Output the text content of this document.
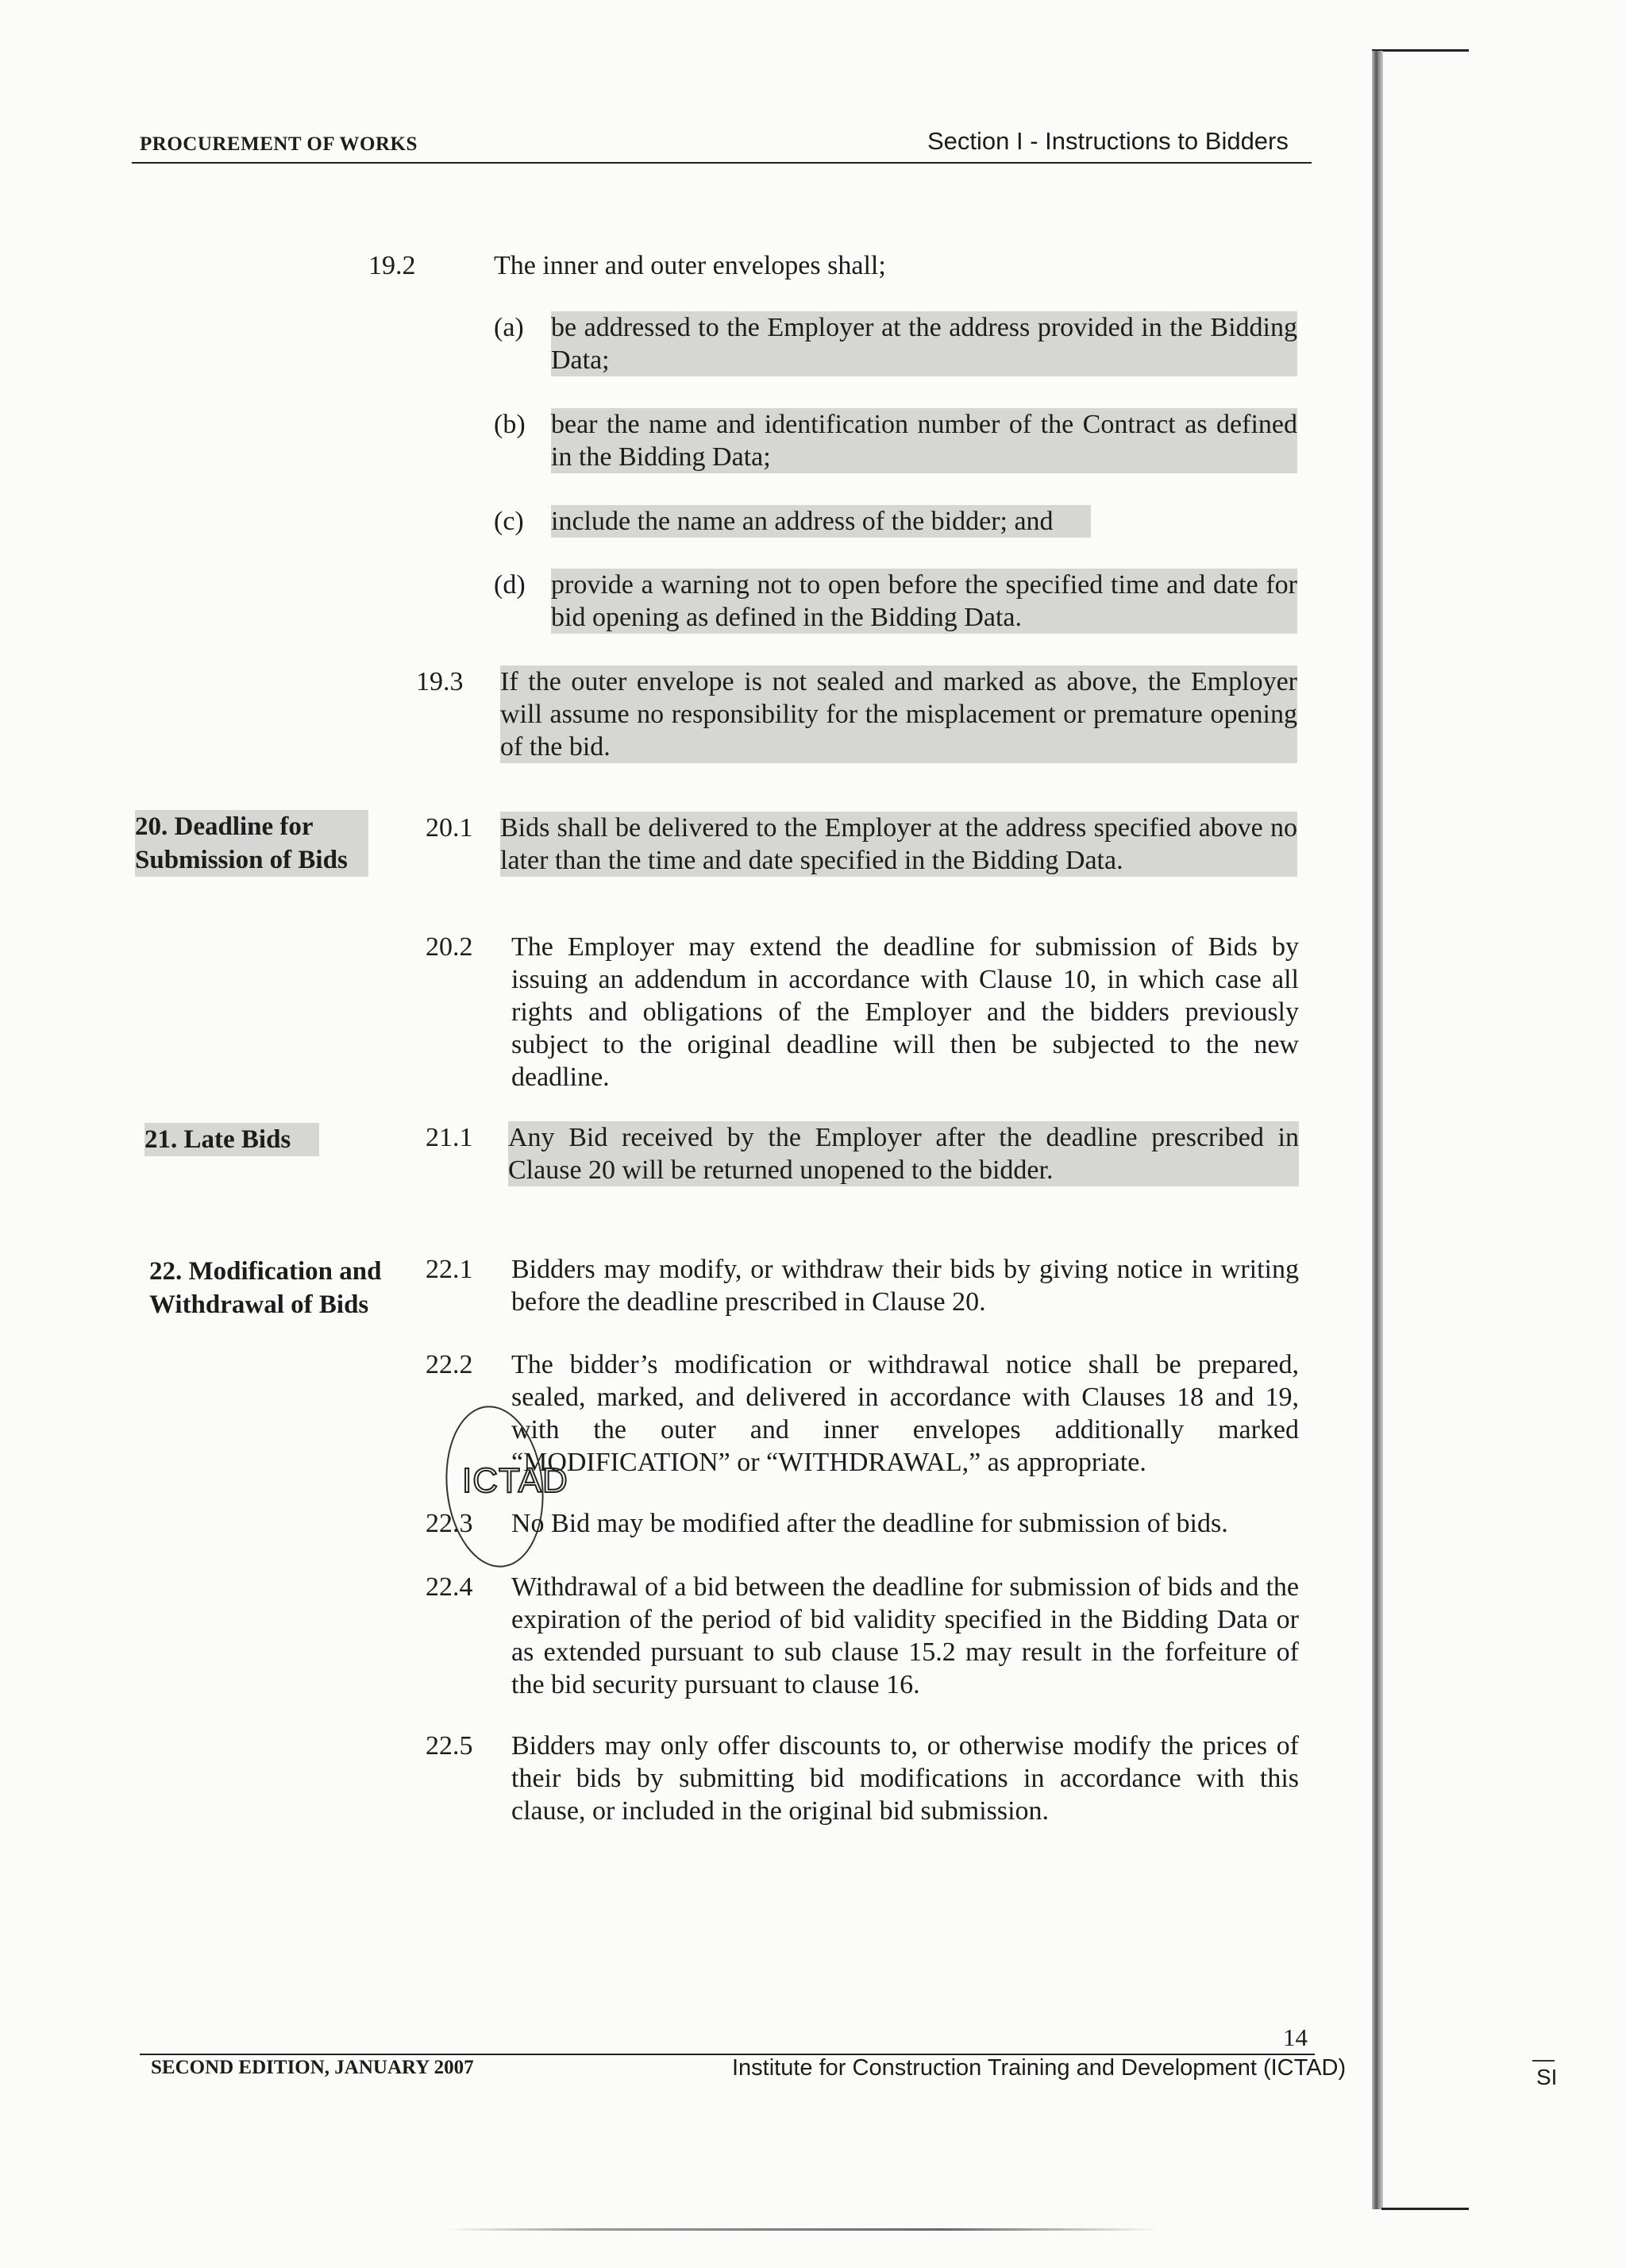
PROCUREMENT OF WORKS	Section I - Instructions to Bidders
19.2	The inner and outer envelopes shall;
(a) be addressed to the Employer at the address provided in the Bidding Data;
(b) bear the name and identification number of the Contract as defined in the Bidding Data;
(c) include the name an address of the bidder; and
(d) provide a warning not to open before the specified time and date for bid opening as defined in the Bidding Data.
19.3 If the outer envelope is not sealed and marked as above, the Employer will assume no responsibility for the misplacement or premature opening of the bid.
20. Deadline for Submission of Bids
20.1 Bids shall be delivered to the Employer at the address specified above no later than the time and date specified in the Bidding Data.
20.2 The Employer may extend the deadline for submission of Bids by issuing an addendum in accordance with Clause 10, in which case all rights and obligations of the Employer and the bidders previously subject to the original deadline will then be subjected to the new deadline.
21. Late Bids	21.1 Any Bid received by the Employer after the deadline prescribed in Clause 20 will be returned unopened to the bidder.
22. Modification and Withdrawal of Bids
22.1 Bidders may modify, or withdraw their bids by giving notice in writing before the deadline prescribed in Clause 20.
22.2 The bidder’s modification or withdrawal notice shall be prepared, sealed, marked, and delivered in accordance with Clauses 18 and 19, with the outer and inner envelopes additionally marked “MODIFICATION” or “WITHDRAWAL,” as appropriate.
ICTAD
22.3 No Bid may be modified after the deadline for submission of bids.
22.4 Withdrawal of a bid between the deadline for submission of bids and the expiration of the period of bid validity specified in the Bidding Data or as extended pursuant to sub clause 15.2 may result in the forfeiture of the bid security pursuant to clause 16.
22.5 Bidders may only offer discounts to, or otherwise modify the prices of their bids by submitting bid modifications in accordance with this clause, or included in the original bid submission.
14
SECOND EDITION, JANUARY 2007	Institute for Construction Training and Development (ICTAD)	SI
